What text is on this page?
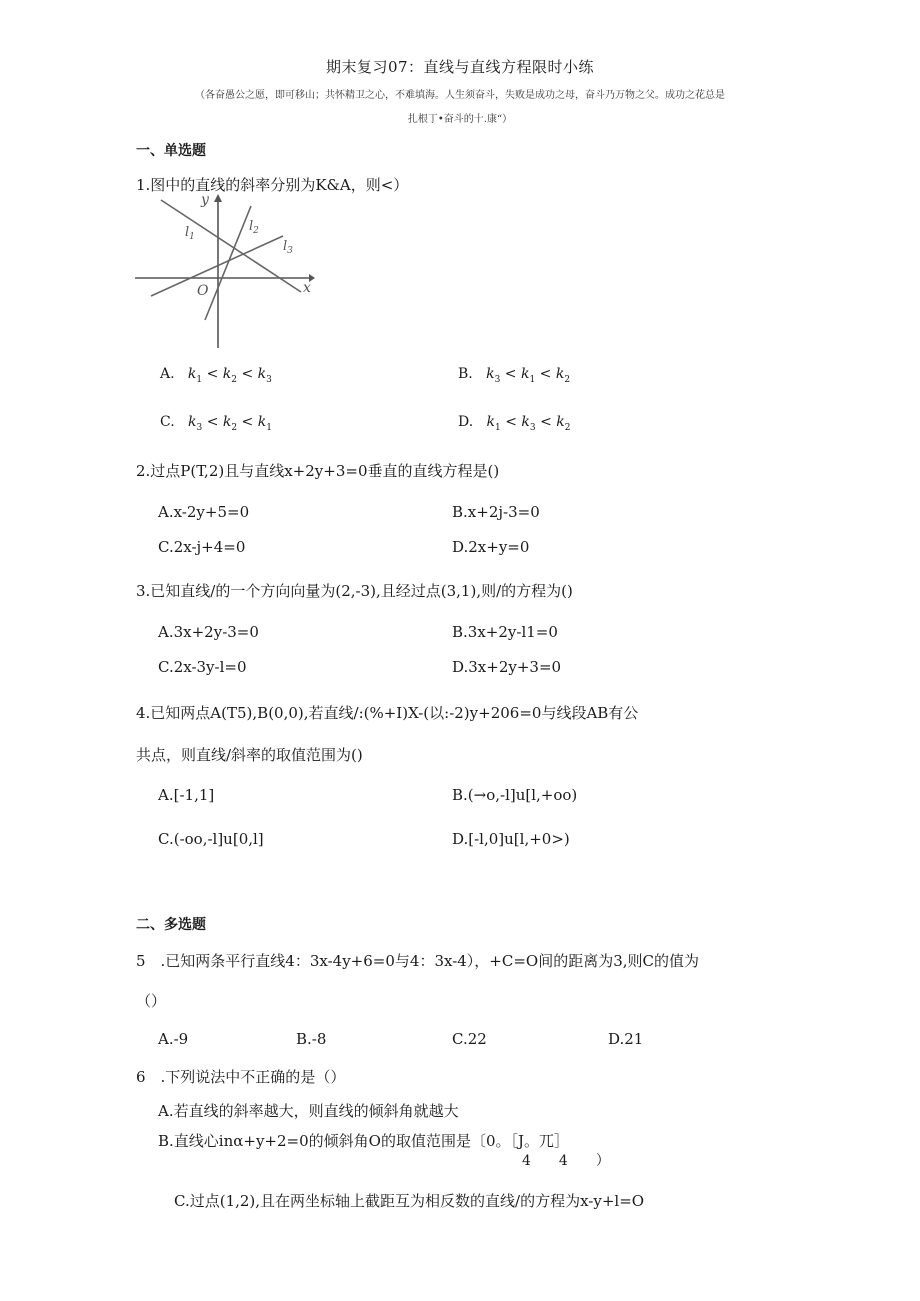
期末复习07：直线与直线方程限时小练
（各奋愚公之愿，即可移山；共怀精卫之心，不难填海。人生须奋斗，失败是成功之母，奋斗乃万物之父。成功之花总是
扎根丁•奋斗的十.康“）
一、单选题
1.图中的直线的斜率分别为K&A，则<）
y
x
O
$l_1$
$l_2$
$l_3$
A. $k_1 < k_2 < k_3$	B. $k_3 < k_1 < k_2$
C. $k_3 < k_2 < k_1$	D. $k_1 < k_3 < k_2$
2.过点P(T,2)且与直线x+2y+3=0垂直的直线方程是()
A.x-2y+5=0	B.x+2j-3=0
C.2x-j+4=0	D.2x+y=0
3.已知直线/的一个方向向量为(2,-3),且经过点(3,1),则/的方程为()
A.3x+2y-3=0	B.3x+2y-l1=0
C.2x-3y-l=0	D.3x+2y+3=0
4.已知两点A(T5),B(0,0),若直线/:(%+I)X-(以:-2)y+206=0与线段AB有公
共点，则直线/斜率的取值范围为()
A.[-1,1]	B.(→o,-l]u[l,+oo)
C.(-oo,-l]u[0,l]	D.[-l,0]u[l,+0>)
二、多选题
5　.已知两条平行直线4：3x-4y+6=0与4：3x-4），+C=O间的距离为3,则C的值为
（）
A.-9	B.-8	C.22	D.21
6　.下列说法中不正确的是（）
A.若直线的斜率越大，则直线的倾斜角就越大
B.直线心inα+y+2=0的倾斜角O的取值范围是〔0。［J。兀］
4　　4　　）
C.过点(1,2),且在两坐标轴上截距互为相反数的直线/的方程为x-y+l=O
